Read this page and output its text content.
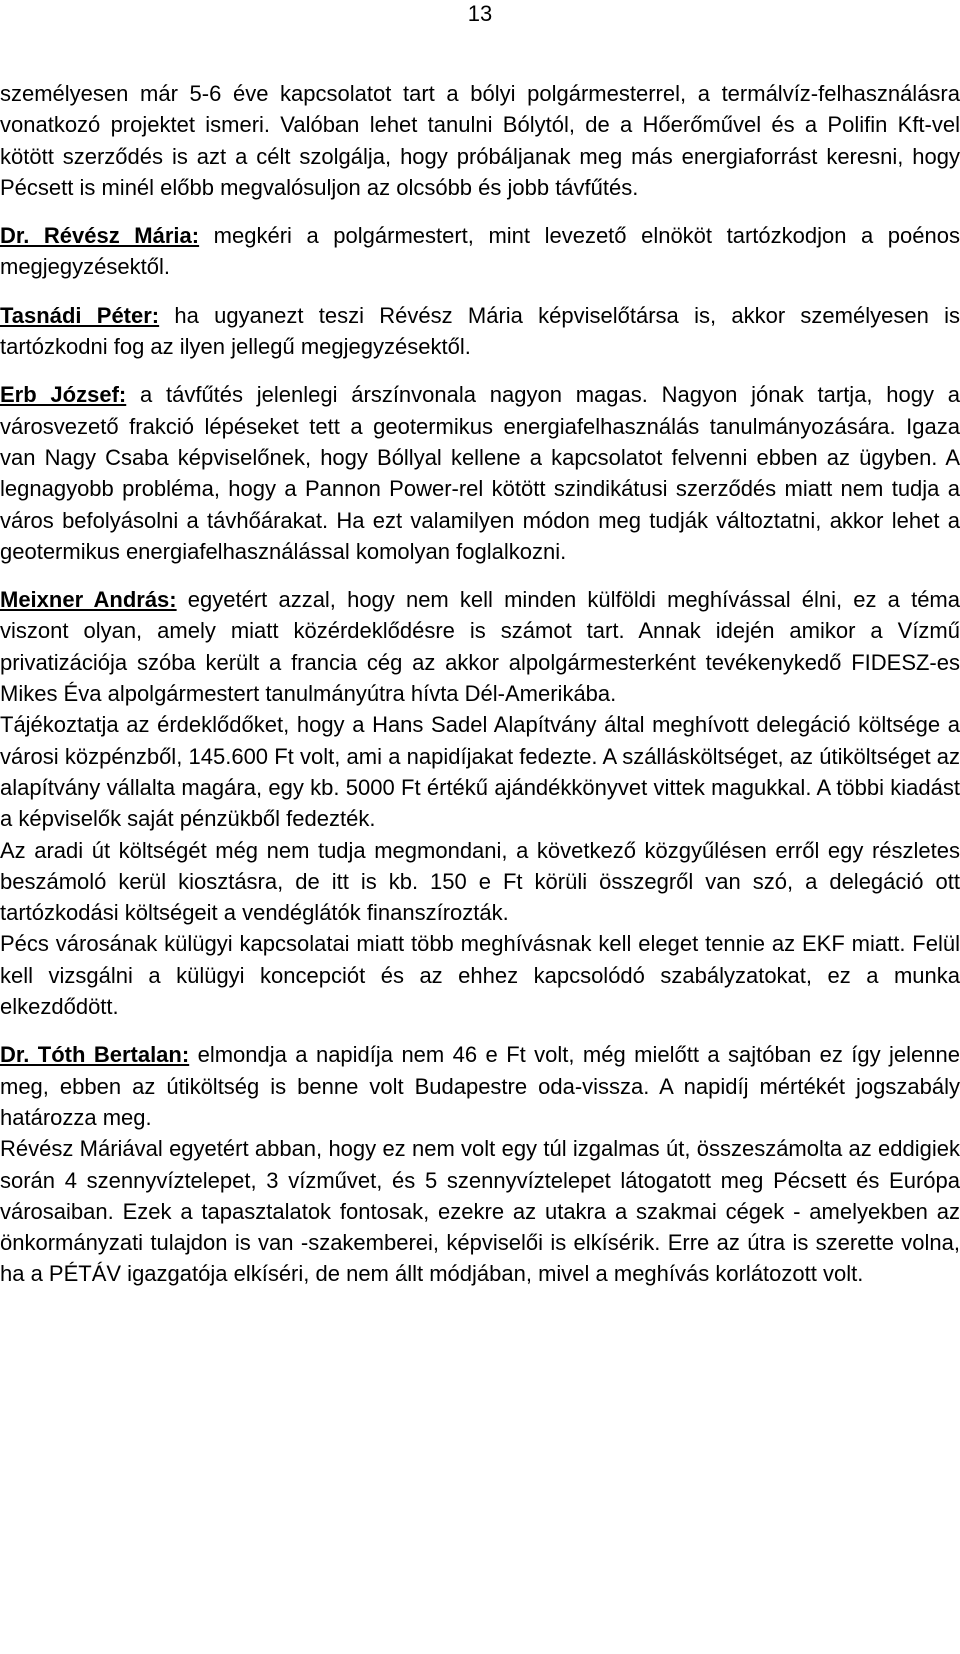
13

személyesen már 5-6 éve kapcsolatot tart a bólyi polgármesterrel, a termálvíz-felhasználásra vonatkozó projektet ismeri. Valóban lehet tanulni Bólytól, de a Hőerőművel és a Polifin Kft-vel kötött szerződés is azt a célt szolgálja, hogy próbáljanak meg más energiaforrást keresni, hogy Pécsett is minél előbb megvalósuljon az olcsóbb és jobb távfűtés.

Dr. Révész Mária: megkéri a polgármestert, mint levezető elnököt tartózkodjon a poénos megjegyzésektől.

Tasnádi Péter: ha ugyanezt teszi Révész Mária képviselőtársa is, akkor személyesen is tartózkodni fog az ilyen jellegű megjegyzésektől.

Erb József: a távfűtés jelenlegi árszínvonala nagyon magas. Nagyon jónak tartja, hogy a városvezető frakció lépéseket tett a geotermikus energiafelhasználás tanulmányozására. Igaza van Nagy Csaba képviselőnek, hogy Bóllyal kellene a kapcsolatot felvenni ebben az ügyben. A legnagyobb probléma, hogy a Pannon Power-rel kötött szindikátusi szerződés miatt nem tudja a város befolyásolni a távhőárakat. Ha ezt valamilyen módon meg tudják változtatni, akkor lehet a geotermikus energiafelhasználással komolyan foglalkozni.

Meixner András: egyetért azzal, hogy nem kell minden külföldi meghívással élni, ez a téma viszont olyan, amely miatt közérdeklődésre is számot tart. Annak idején amikor a Vízmű privatizációja szóba került a francia cég az akkor alpolgármesterként tevékenykedő FIDESZ-es Mikes Éva alpolgármestert tanulmányútra hívta Dél-Amerikába.

Tájékoztatja az érdeklődőket, hogy a Hans Sadel Alapítvány által meghívott delegáció költsége a városi közpénzből, 145.600 Ft volt, ami a napidíjakat fedezte. A szállásköltséget, az útiköltséget az alapítvány vállalta magára, egy kb. 5000 Ft értékű ajándékkönyvet vittek magukkal. A többi kiadást a képviselők saját pénzükből fedezték.

Az aradi út költségét még nem tudja megmondani, a következő közgyűlésen erről egy részletes beszámoló kerül kiosztásra, de itt is kb. 150 e Ft körüli összegről van szó, a delegáció ott tartózkodási költségeit a vendéglátók finanszírozták.

Pécs városának külügyi kapcsolatai miatt több meghívásnak kell eleget tennie az EKF miatt. Felül kell vizsgálni a külügyi koncepciót és az ehhez kapcsolódó szabályzatokat, ez a munka elkezdődött.

Dr. Tóth Bertalan: elmondja a napidíja nem 46 e Ft volt, még mielőtt a sajtóban ez így jelenne meg, ebben az útiköltség is benne volt Budapestre oda-vissza. A napidíj mértékét jogszabály határozza meg.

Révész Máriával egyetért abban, hogy ez nem volt egy túl izgalmas út, összeszámolta az eddigiek során 4 szennyvíztelepet, 3 vízművet, és 5 szennyvíztelepet látogatott meg Pécsett és Európa városaiban. Ezek a tapasztalatok fontosak, ezekre az utakra a szakmai cégek - amelyekben az önkormányzati tulajdon is van -szakemberei, képviselői is elkísérik. Erre az útra is szerette volna, ha a PÉTÁV igazgatója elkíséri, de nem állt módjában, mivel a meghívás korlátozott volt.
